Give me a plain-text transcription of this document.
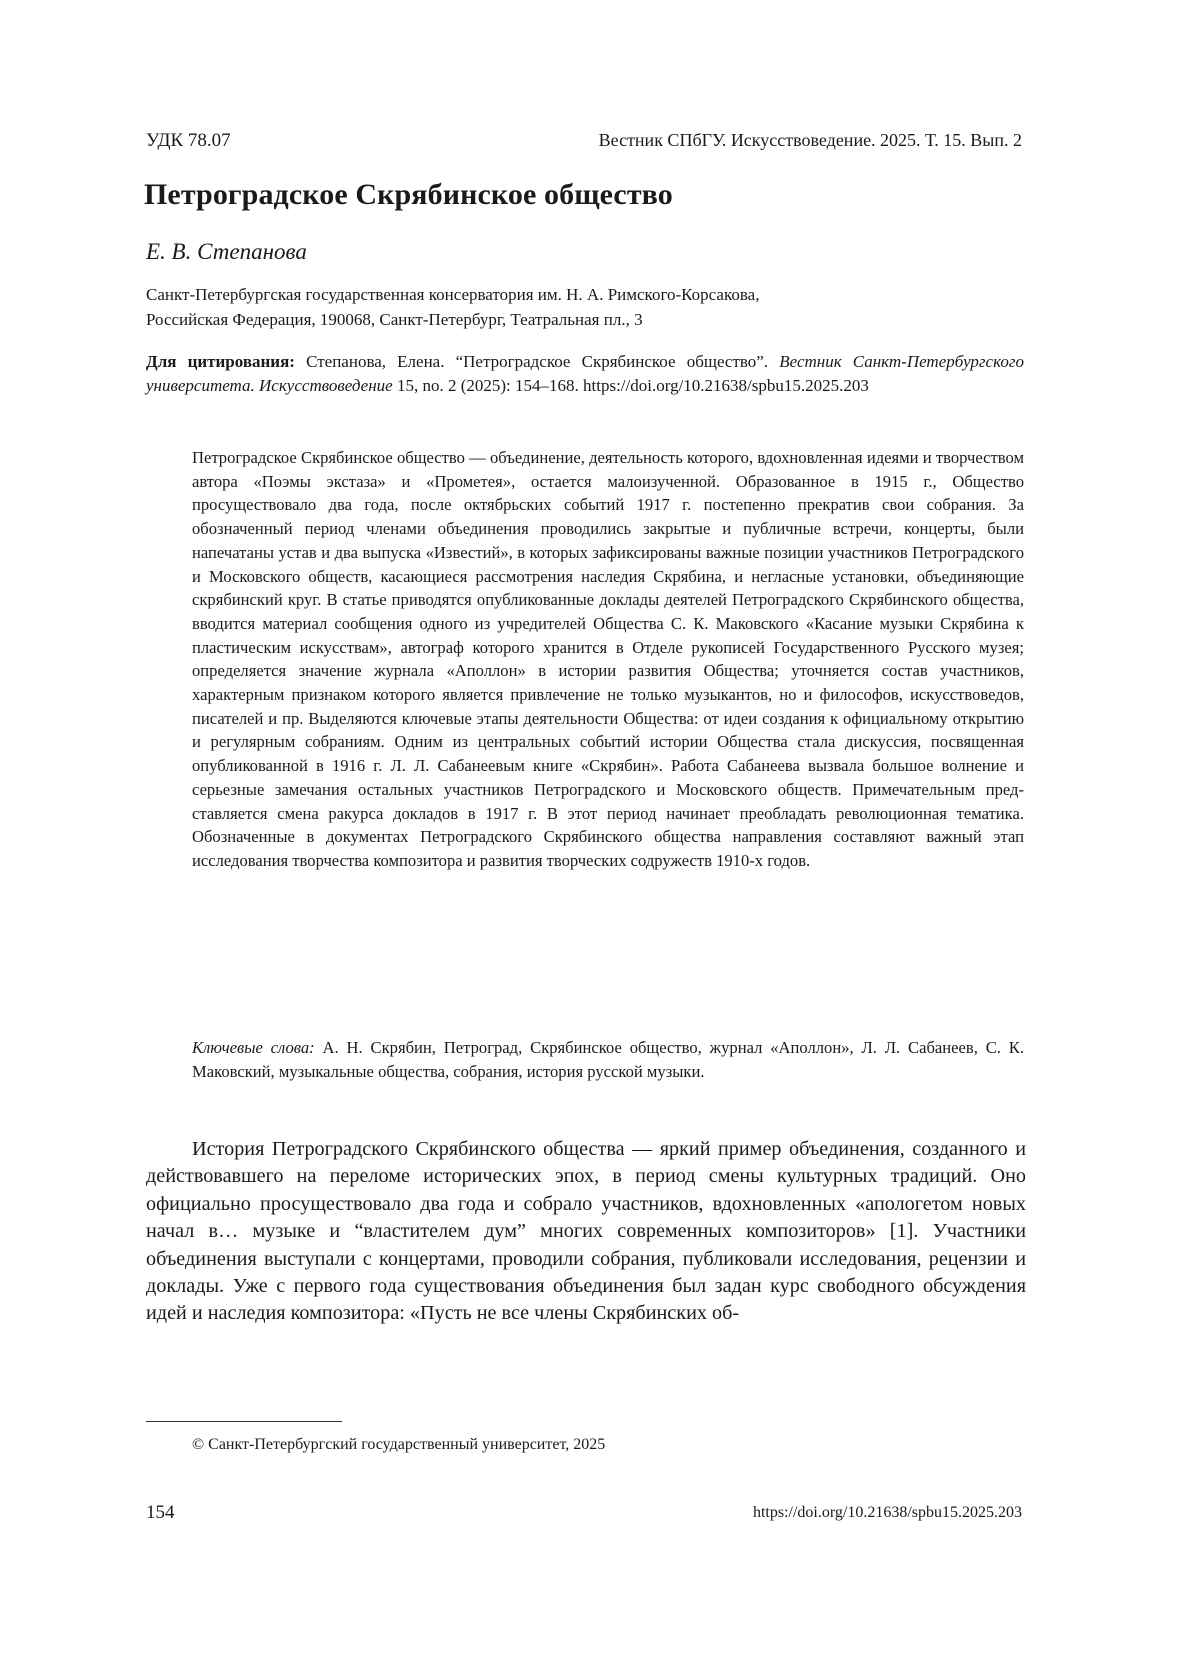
УДК 78.07	Вестник СПбГУ. Искусствоведение. 2025. Т. 15. Вып. 2
Петроградское Скрябинское общество
Е. В. Степанова
Санкт-Петербургская государственная консерватория им. Н. А. Римского-Корсакова,
Российская Федерация, 190068, Санкт-Петербург, Театральная пл., 3
Для цитирования: Степанова, Елена. “Петроградское Скрябинское общество”. Вестник Санкт-Петербургского университета. Искусствоведение 15, no. 2 (2025): 154–168. https://doi.org/10.21638/spbu15.2025.203

Петроградское Скрябинское общество — объединение, деятельность которого, вдохновленная идеями и творчеством автора «Поэмы экстаза» и «Прометея», остается малоизученной. Образованное в 1915 г., Общество просуществовало два года, после октябрьских событий 1917 г. постепенно прекратив свои собрания. За обозначенный период членами объединения проводились закрытые и публичные встречи, концерты, были напечатаны устав и два выпуска «Известий», в которых зафиксированы важные позиции участников Петроградского и Московского обществ, касающиеся рассмотрения наследия Скрябина, и негласные установки, объединяющие скрябинский круг. В статье приводятся опубликованные доклады деятелей Петроградского Скрябинского общества, вводится материал сообщения одного из учредителей Общества С. К. Маковского «Касание музыки Скрябина к пластическим искусствам», автограф которого хранится в Отделе рукописей Государственного Русского музея; определяется значение журнала «Аполлон» в истории развития Общества; уточняется состав участников, характерным признаком которого является привлечение не только музыкантов, но и философов, искусствоведов, писателей и пр. Выделяются ключевые этапы деятельности Общества: от идеи создания к официальному открытию и регулярным собраниям. Одним из центральных событий истории Общества стала дискуссия, посвященная опубликованной в 1916 г. Л. Л. Сабанеевым книге «Скрябин». Работа Сабанеева вызвала большое волнение и серьезные замечания остальных участников Петроградского и Московского обществ. Примечательным представляется смена ракурса докладов в 1917 г. В этот период начинает преобладать революционная тематика. Обозначенные в документах Петроградского Скрябинского общества направления составляют важный этап исследования творчества композитора и развития творческих содружеств 1910-х годов.

Ключевые слова: А. Н. Скрябин, Петроград, Скрябинское общество, журнал «Аполлон», Л. Л. Сабанеев, С. К. Маковский, музыкальные общества, собрания, история русской музыки.

История Петроградского Скрябинского общества — яркий пример объединения, созданного и действовавшего на переломе исторических эпох, в период смены культурных традиций. Оно официально просуществовало два года и собрало участников, вдохновленных «апологетом новых начал в… музыке и “властителем дум” многих современных композиторов» [1]. Участники объединения выступали с концертами, проводили собрания, публиковали исследования, рецензии и доклады. Уже с первого года существования объединения был задан курс свободного обсуждения идей и наследия композитора: «Пусть не все члены Скрябинских об-

© Санкт-Петербургский государственный университет, 2025
154	https://doi.org/10.21638/spbu15.2025.203
